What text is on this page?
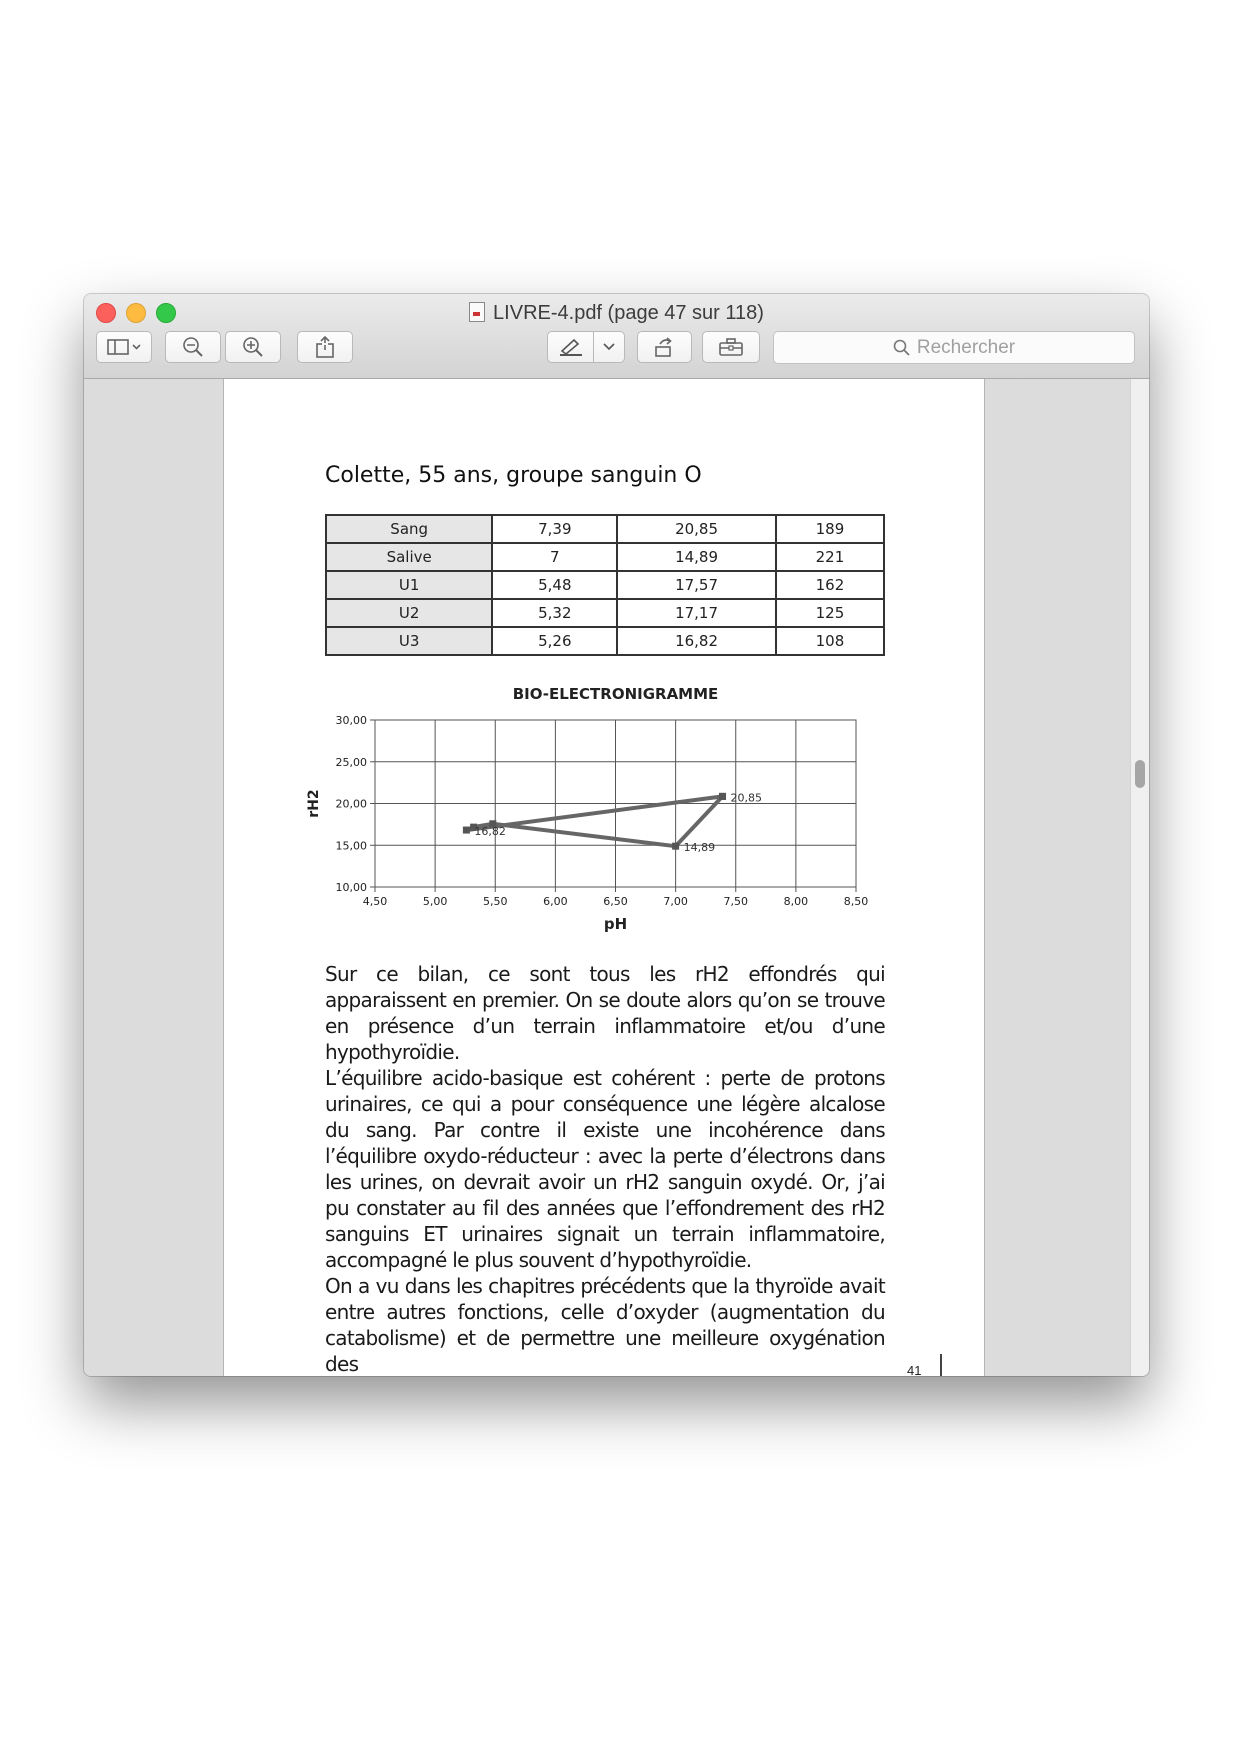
LIVRE-4.pdf (page 47 sur 118)
Rechercher
Colette, 55 ans, groupe sanguin O
Sang	7,39	20,85	189
Salive	7	14,89	221
U1	5,48	17,57	162
U2	5,32	17,17	125
U3	5,26	16,82	108
BIO-ELECTRONIGRAMME
4,50	5,00	5,50	6,00	6,50	7,00	7,50	8,00	8,50
10,00
15,00
20,00
25,00
30,00
pH
rH2	20,85
14,89
16,82

Sur ce bilan, ce sont tous les rH2 effondrés qui apparaissent en premier. On se doute alors qu’on se trouve en présence d’un terrain inflammatoire et/ou d’une hypothyroïdie.

L’équilibre acido-basique est cohérent : perte de protons urinaires, ce qui a pour conséquence une légère alcalose du sang. Par contre il existe une incohérence dans l’équilibre oxydo-réducteur : avec la perte d’électrons dans les urines, on devrait avoir un rH2 sanguin oxydé. Or, j’ai pu constater au fil des années que l’effondrement des rH2 sanguins ET urinaires signait un terrain inflammatoire, accompagné le plus souvent d’hypothyroïdie.

On a vu dans les chapitres précédents que la thyroïde avait entre autres fonctions, celle d’oxyder (augmentation du catabolisme) et de permettre une meilleure oxygénation des	41
